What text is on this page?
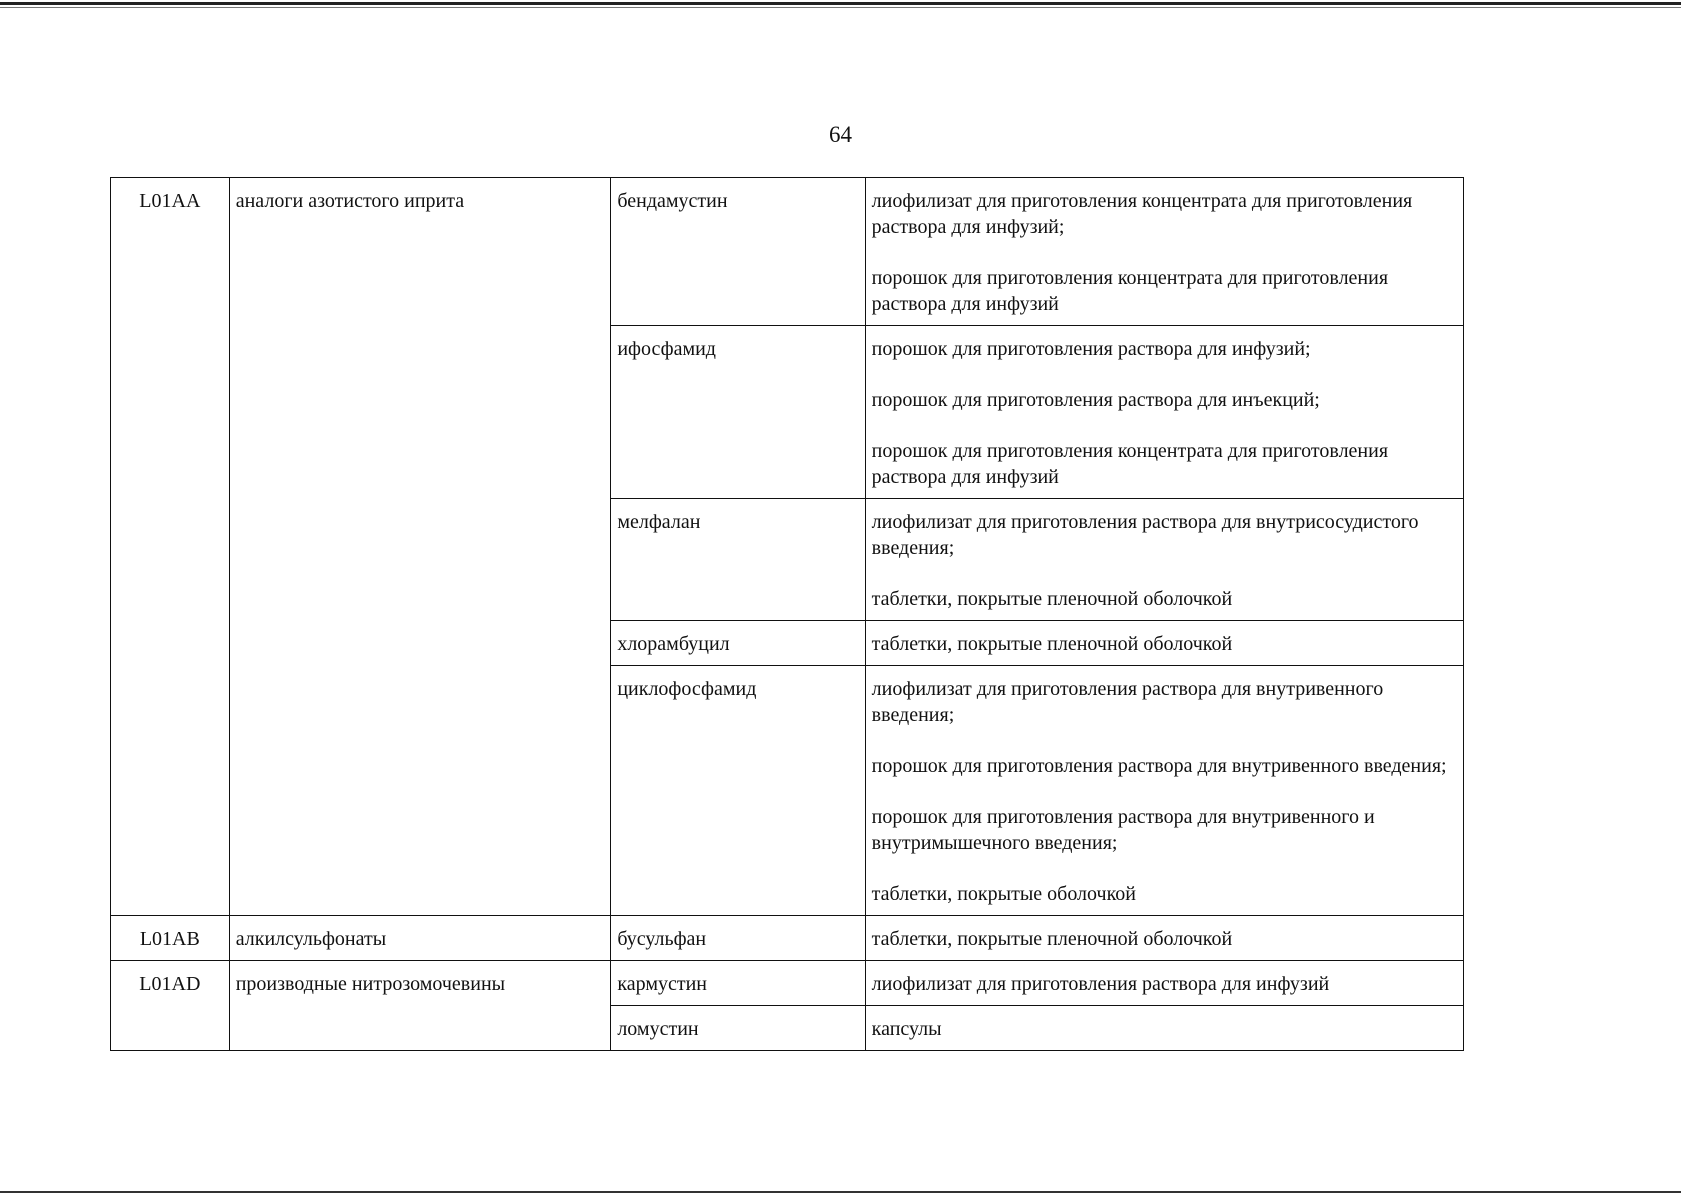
64
L01AA	аналоги азотистого иприта	бендамустин	лиофилизат для приготовления концентрата для приготовления раствора для инфузий;
порошок для приготовления концентрата для приготовления раствора для инфузий

		ифосфамид	порошок для приготовления раствора для инфузий;
порошок для приготовления раствора для инъекций;
порошок для приготовления концентрата для приготовления раствора для инфузий

		мелфалан	лиофилизат для приготовления раствора для внутрисосудистого введения;
таблетки, покрытые пленочной оболочкой

		хлорамбуцил	таблетки, покрытые пленочной оболочкой

		циклофосфамид	лиофилизат для приготовления раствора для внутривенного введения;
порошок для приготовления раствора для внутривенного введения;
порошок для приготовления раствора для внутривенного и внутримышечного введения;
таблетки, покрытые оболочкой

L01AB	алкилсульфонаты	бусульфан	таблетки, покрытые пленочной оболочкой

L01AD	производные нитрозомочевины	кармустин	лиофилизат для приготовления раствора для инфузий

		ломустин	капсулы
